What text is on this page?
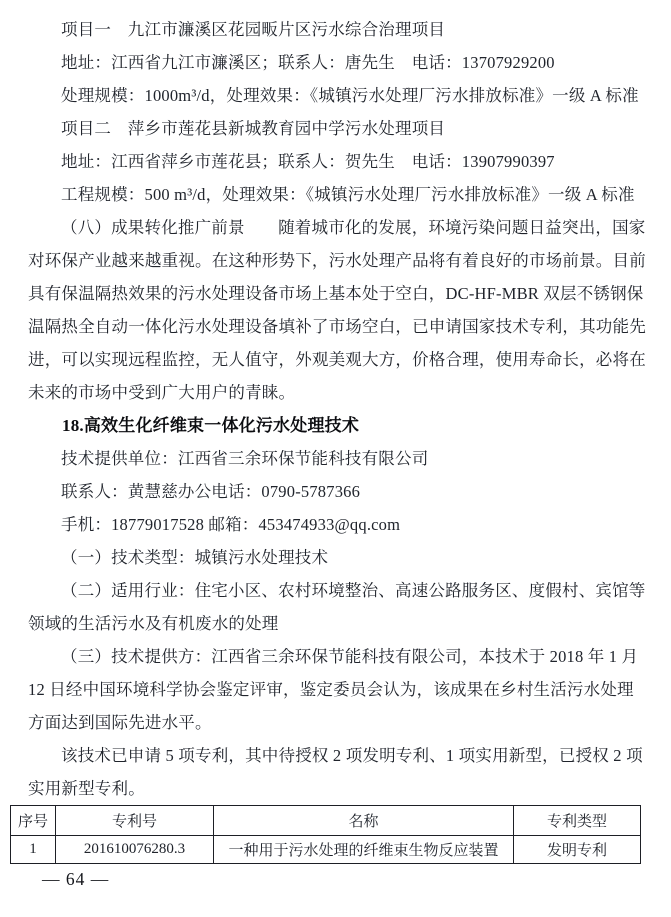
项目一　九江市濂溪区花园畈片区污水综合治理项目
地址：江西省九江市濂溪区；联系人：唐先生　电话：13707929200
处理规模：1000m³/d，处理效果：《城镇污水处理厂污水排放标准》一级 A 标准
项目二　萍乡市莲花县新城教育园中学污水处理项目
地址：江西省萍乡市莲花县；联系人：贺先生　电话：13907990397
工程规模：500 m³/d，处理效果：《城镇污水处理厂污水排放标准》一级 A 标准
（八）成果转化推广前景　　随着城市化的发展，环境污染问题日益突出，国家
对环保产业越来越重视。在这种形势下，污水处理产品将有着良好的市场前景。目前
具有保温隔热效果的污水处理设备市场上基本处于空白，DC-HF-MBR 双层不锈钢保
温隔热全自动一体化污水处理设备填补了市场空白，已申请国家技术专利，其功能先
进，可以实现远程监控，无人值守，外观美观大方，价格合理，使用寿命长，必将在
未来的市场中受到广大用户的青睐。
18.高效生化纤维束一体化污水处理技术
技术提供单位：江西省三余环保节能科技有限公司
联系人：黄慧慈办公电话：0790-5787366
手机：18779017528 邮箱：453474933@qq.com
（一）技术类型：城镇污水处理技术
（二）适用行业：住宅小区、农村环境整治、高速公路服务区、度假村、宾馆等
领域的生活污水及有机废水的处理
（三）技术提供方：江西省三余环保节能科技有限公司，本技术于 2018 年 1 月
12 日经中国环境科学协会鉴定评审，鉴定委员会认为，该成果在乡村生活污水处理
方面达到国际先进水平。
该技术已申请 5 项专利，其中待授权 2 项发明专利、1 项实用新型，已授权 2 项
实用新型专利。
序号	专利号	名称	专利类型
1	201610076280.3	一种用于污水处理的纤维束生物反应装置	发明专利
— 64 —
